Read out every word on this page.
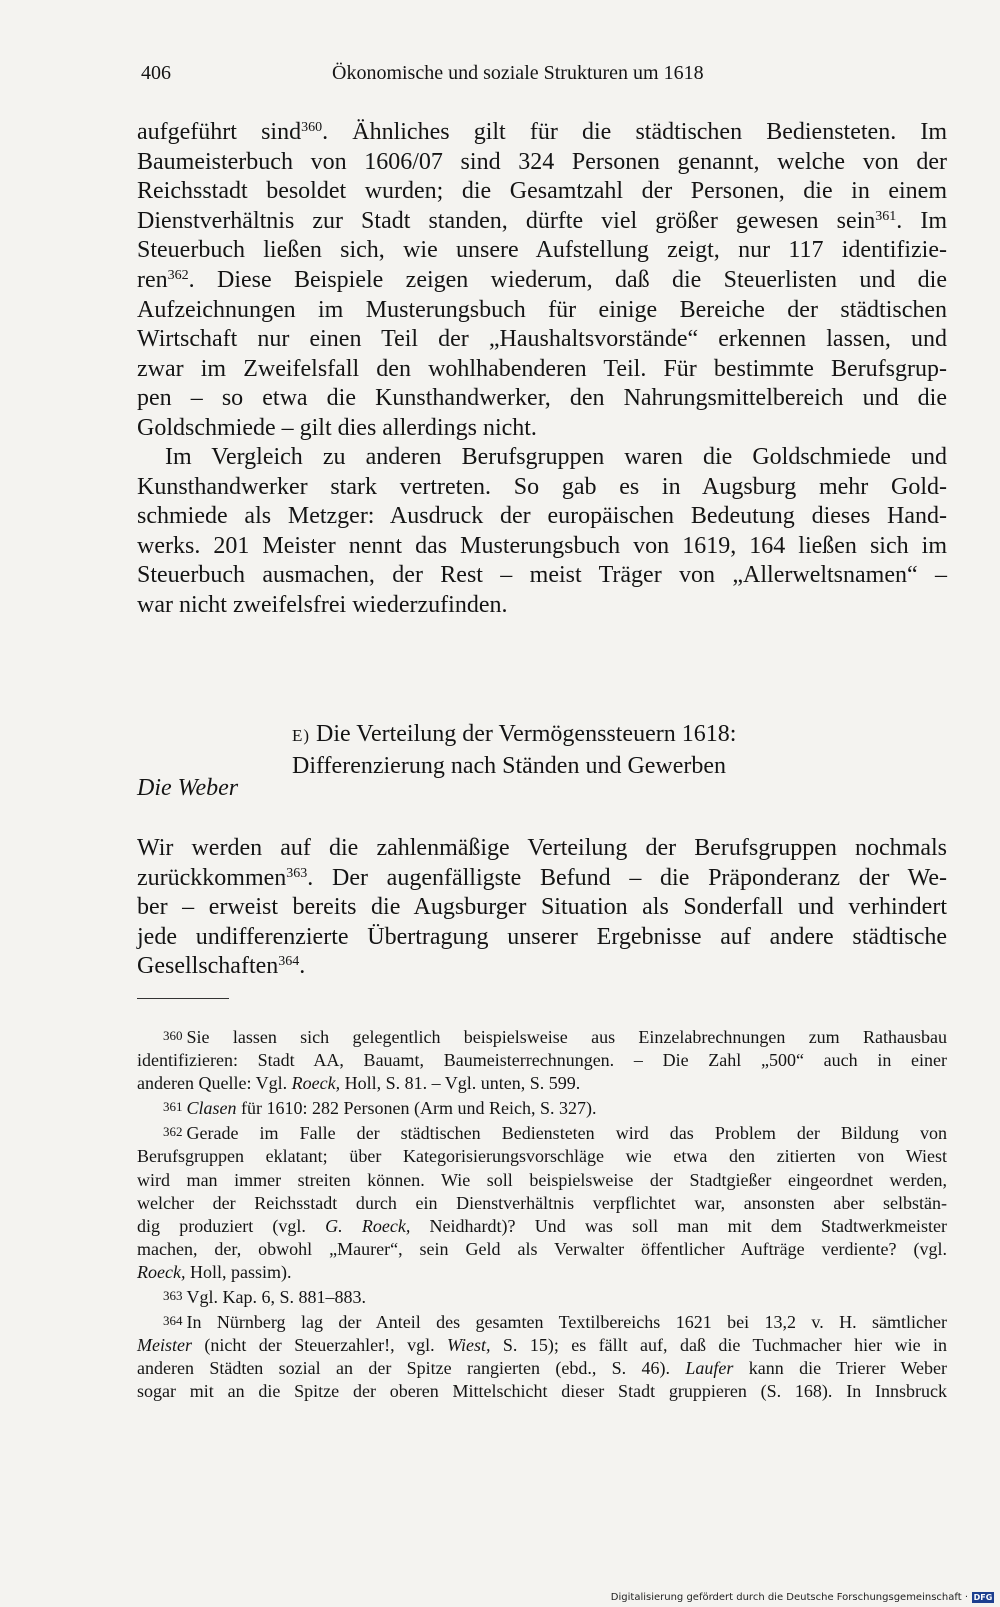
406	Ökonomische und soziale Strukturen um 1618
aufgeführt sind$^{360}$. Ähnliches gilt für die städtischen Bediensteten. Im
Baumeisterbuch von 1606/07 sind 324 Personen genannt, welche von der
Reichsstadt besoldet wurden; die Gesamtzahl der Personen, die in einem
Dienstverhältnis zur Stadt standen, dürfte viel größer gewesen sein$^{361}$. Im
Steuerbuch ließen sich, wie unsere Aufstellung zeigt, nur 117 identifizie-
ren$^{362}$. Diese Beispiele zeigen wiederum, daß die Steuerlisten und die
Aufzeichnungen im Musterungsbuch für einige Bereiche der städtischen
Wirtschaft nur einen Teil der „Haushaltsvorstände“ erkennen lassen, und
zwar im Zweifelsfall den wohlhabenderen Teil. Für bestimmte Berufsgrup-
pen – so etwa die Kunsthandwerker, den Nahrungsmittelbereich und die
Goldschmiede – gilt dies allerdings nicht.
Im Vergleich zu anderen Berufsgruppen waren die Goldschmiede und
Kunsthandwerker stark vertreten. So gab es in Augsburg mehr Gold-
schmiede als Metzger: Ausdruck der europäischen Bedeutung dieses Hand-
werks. 201 Meister nennt das Musterungsbuch von 1619, 164 ließen sich im
Steuerbuch ausmachen, der Rest – meist Träger von „Allerweltsnamen“ –
war nicht zweifelsfrei wiederzufinden.
E) Die Verteilung der Vermögenssteuern 1618:
Differenzierung nach Ständen und Gewerben
Die Weber
Wir werden auf die zahlenmäßige Verteilung der Berufsgruppen nochmals
zurückkommen$^{363}$. Der augenfälligste Befund – die Präponderanz der We-
ber – erweist bereits die Augsburger Situation als Sonderfall und verhindert
jede undifferenzierte Übertragung unserer Ergebnisse auf andere städtische
Gesellschaften$^{364}$.
360 Sie lassen sich gelegentlich beispielsweise aus Einzelabrechnungen zum Rathausbau
identifizieren: Stadt AA, Bauamt, Baumeisterrechnungen. – Die Zahl „500“ auch in einer
anderen Quelle: Vgl. Roeck, Holl, S. 81. – Vgl. unten, S. 599.
361 Clasen für 1610: 282 Personen (Arm und Reich, S. 327).
362 Gerade im Falle der städtischen Bediensteten wird das Problem der Bildung von
Berufsgruppen eklatant; über Kategorisierungsvorschläge wie etwa den zitierten von Wiest
wird man immer streiten können. Wie soll beispielsweise der Stadtgießer eingeordnet werden,
welcher der Reichsstadt durch ein Dienstverhältnis verpflichtet war, ansonsten aber selbstän-
dig produziert (vgl. G. Roeck, Neidhardt)? Und was soll man mit dem Stadtwerkmeister
machen, der, obwohl „Maurer“, sein Geld als Verwalter öffentlicher Aufträge verdiente? (vgl.
Roeck, Holl, passim).
363 Vgl. Kap. 6, S. 881–883.
364 In Nürnberg lag der Anteil des gesamten Textilbereichs 1621 bei 13,2 v. H. sämtlicher
Meister (nicht der Steuerzahler!, vgl. Wiest, S. 15); es fällt auf, daß die Tuchmacher hier wie in
anderen Städten sozial an der Spitze rangierten (ebd., S. 46). Laufer kann die Trierer Weber
sogar mit an die Spitze der oberen Mittelschicht dieser Stadt gruppieren (S. 168). In Innsbruck
Digitalisierung gefördert durch die Deutsche Forschungsgemeinschaft · DFG
